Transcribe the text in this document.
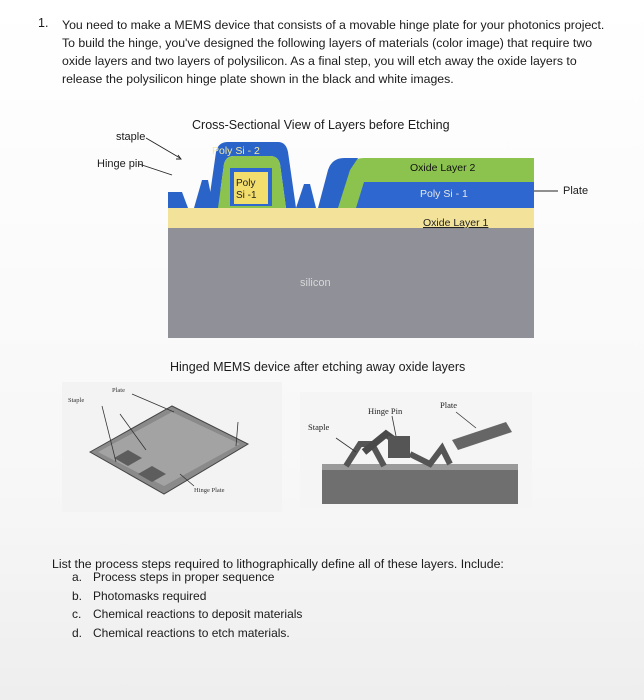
1. You need to make a MEMS device that consists of a movable hinge plate for your photonics project. To build the hinge, you've designed the following layers of materials (color image) that require two oxide layers and two layers of polysilicon. As a final step, you will etch away the oxide layers to release the polysilicon hinge plate shown in the black and white images.
Cross-Sectional View of Layers before Etching
staple
Hinge pin
Plate
Poly Si - 2
Poly
Si -1
Oxide Layer 2
Poly Si - 1
Oxide Layer 1
silicon
Hinged MEMS device after etching away oxide layers
Staple
Plate
Hinge Plate
Hinge Pin
Plate
Staple
List the process steps required to lithographically define all of these layers. Include:
a. Process steps in proper sequence
b. Photomasks required
c. Chemical reactions to deposit materials
d. Chemical reactions to etch materials.
